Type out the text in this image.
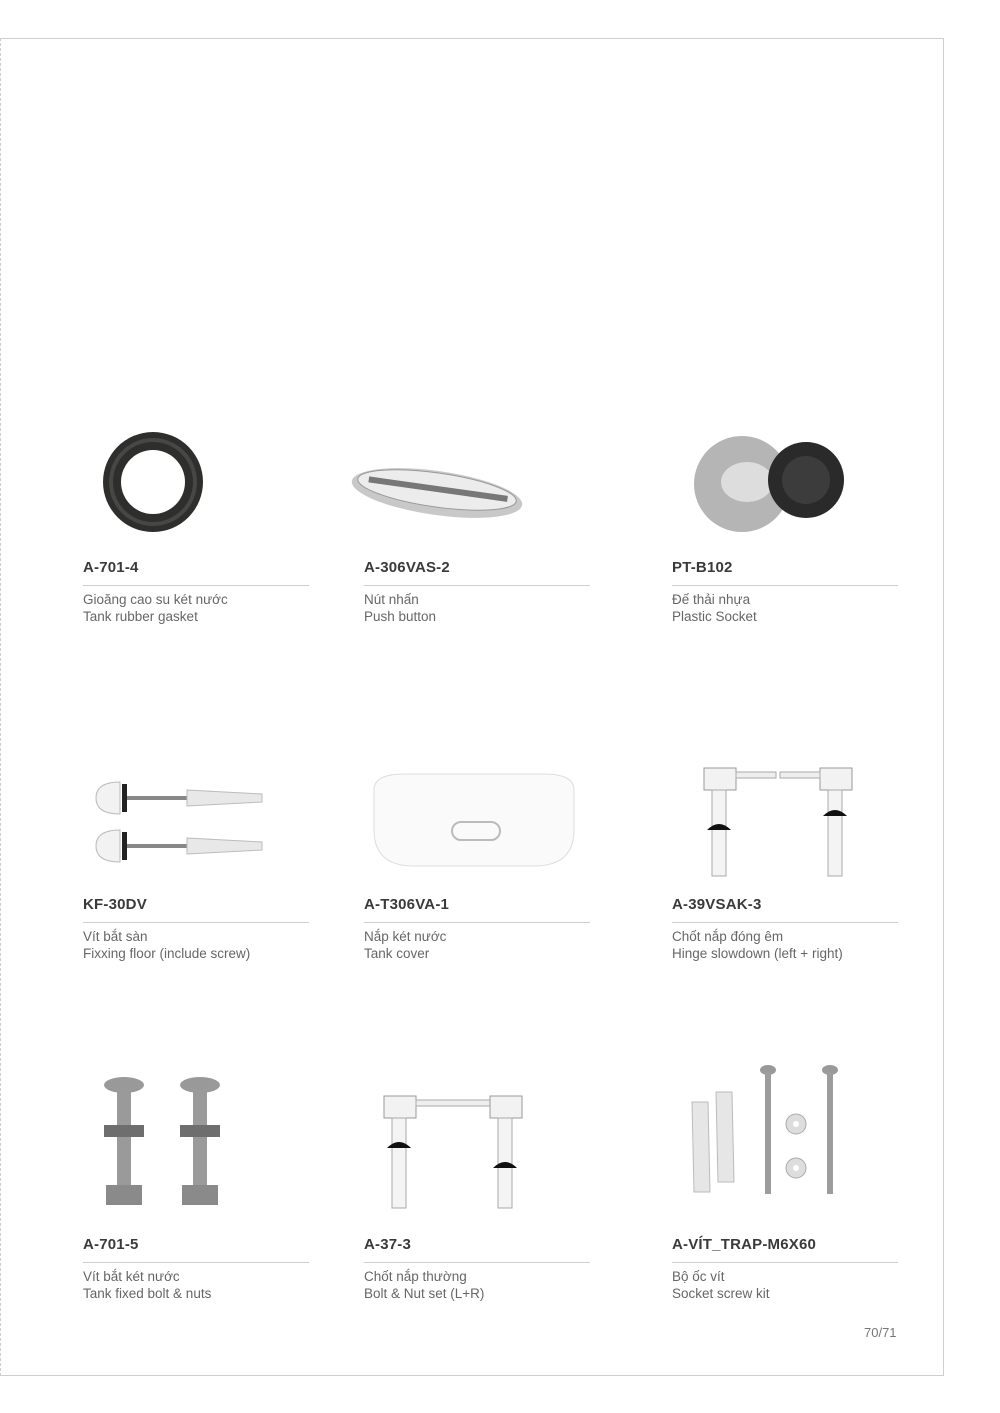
A-701-4
Gioăng cao su két nước
Tank rubber gasket
A-306VAS-2
Nút nhấn
Push button
PT-B102
Đế thải nhựa
Plastic Socket
KF-30DV
Vít bắt sàn
Fixxing floor (include screw)
A-T306VA-1
Nắp két nước
Tank cover
A-39VSAK-3
Chốt nắp đóng êm
Hinge slowdown (left + right)
A-701-5
Vít bắt két nước
Tank fixed bolt & nuts
A-37-3
Chốt nắp thường
Bolt & Nut set (L+R)
A-VÍT_TRAP-M6X60
Bộ ốc vít
Socket screw kit
70/71
